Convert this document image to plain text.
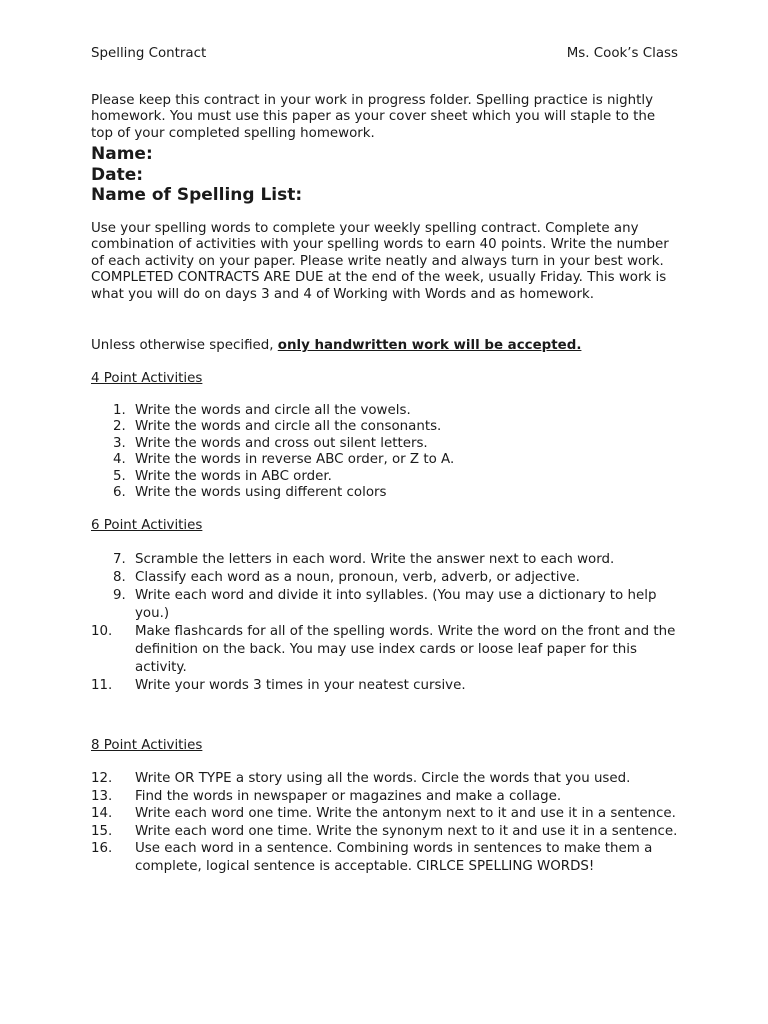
Spelling Contract	Ms. Cook’s Class
Please keep this contract in your work in progress folder. Spelling practice is nightly homework. You must use this paper as your cover sheet which you will staple to the top of your completed spelling homework.
Name:
Date:
Name of Spelling List:
Use your spelling words to complete your weekly spelling contract. Complete any combination of activities with your spelling words to earn 40 points. Write the number of each activity on your paper. Please write neatly and always turn in your best work.
COMPLETED CONTRACTS ARE DUE at the end of the week, usually Friday. This work is what you will do on days 3 and 4 of Working with Words and as homework.
Unless otherwise specified, only handwritten work will be accepted.
4 Point Activities
1. Write the words and circle all the vowels.
2. Write the words and circle all the consonants.
3. Write the words and cross out silent letters.
4. Write the words in reverse ABC order, or Z to A.
5. Write the words in ABC order.
6. Write the words using different colors
6 Point Activities
7. Scramble the letters in each word. Write the answer next to each word.
8. Classify each word as a noun, pronoun, verb, adverb, or adjective.
9. Write each word and divide it into syllables. (You may use a dictionary to help you.)
10. Make flashcards for all of the spelling words. Write the word on the front and the definition on the back. You may use index cards or loose leaf paper for this activity.
11. Write your words 3 times in your neatest cursive.
8 Point Activities
12. Write OR TYPE a story using all the words. Circle the words that you used.
13. Find the words in newspaper or magazines and make a collage.
14. Write each word one time. Write the antonym next to it and use it in a sentence.
15. Write each word one time. Write the synonym next to it and use it in a sentence.
16. Use each word in a sentence. Combining words in sentences to make them a complete, logical sentence is acceptable. CIRLCE SPELLING WORDS!
